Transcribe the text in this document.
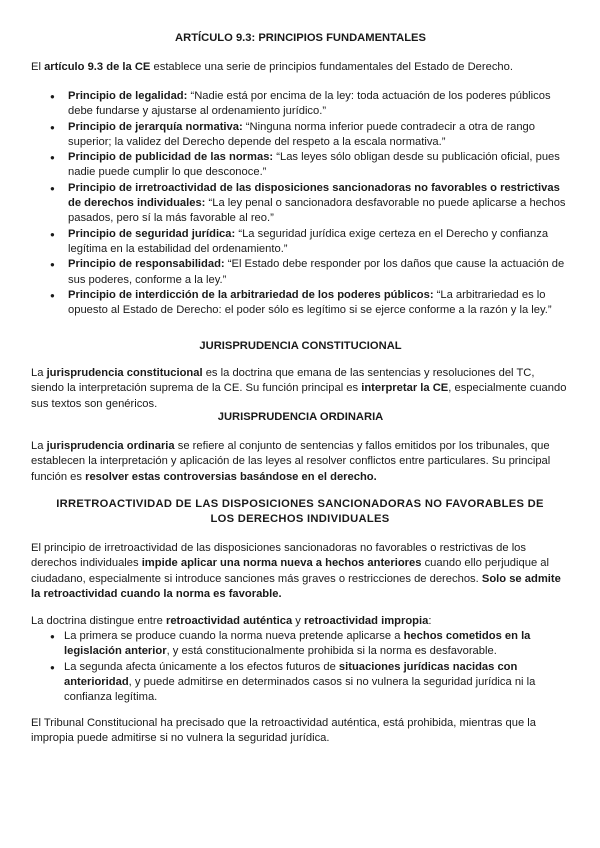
ARTÍCULO 9.3: PRINCIPIOS FUNDAMENTALES

El artículo 9.3 de la CE establece una serie de principios fundamentales del Estado de Derecho.

● Principio de legalidad: “Nadie está por encima de la ley: toda actuación de los poderes públicos debe fundarse y ajustarse al ordenamiento jurídico.”
● Principio de jerarquía normativa: “Ninguna norma inferior puede contradecir a otra de rango superior; la validez del Derecho depende del respeto a la escala normativa.”
● Principio de publicidad de las normas: “Las leyes sólo obligan desde su publicación oficial, pues nadie puede cumplir lo que desconoce.”
● Principio de irretroactividad de las disposiciones sancionadoras no favorables o restrictivas de derechos individuales: “La ley penal o sancionadora desfavorable no puede aplicarse a hechos pasados, pero sí la más favorable al reo.”
● Principio de seguridad jurídica: “La seguridad jurídica exige certeza en el Derecho y confianza legítima en la estabilidad del ordenamiento.”
● Principio de responsabilidad: “El Estado debe responder por los daños que cause la actuación de sus poderes, conforme a la ley.”
● Principio de interdicción de la arbitrariedad de los poderes públicos: “La arbitrariedad es lo opuesto al Estado de Derecho: el poder sólo es legítimo si se ejerce conforme a la razón y la ley.”

JURISPRUDENCIA CONSTITUCIONAL

La jurisprudencia constitucional es la doctrina que emana de las sentencias y resoluciones del TC, siendo la interpretación suprema de la CE. Su función principal es interpretar la CE, especialmente cuando sus textos son genéricos.

JURISPRUDENCIA ORDINARIA

La jurisprudencia ordinaria se refiere al conjunto de sentencias y fallos emitidos por los tribunales, que establecen la interpretación y aplicación de las leyes al resolver conflictos entre particulares. Su principal función es resolver estas controversias basándose en el derecho.

IRRETROACTIVIDAD DE LAS DISPOSICIONES SANCIONADORAS NO FAVORABLES DE LOS DERECHOS INDIVIDUALES

El principio de irretroactividad de las disposiciones sancionadoras no favorables o restrictivas de los derechos individuales impide aplicar una norma nueva a hechos anteriores cuando ello perjudique al ciudadano, especialmente si introduce sanciones más graves o restricciones de derechos. Solo se admite la retroactividad cuando la norma es favorable.

La doctrina distingue entre retroactividad auténtica y retroactividad impropia:

● La primera se produce cuando la norma nueva pretende aplicarse a hechos cometidos en la legislación anterior, y está constitucionalmente prohibida si la norma es desfavorable.
● La segunda afecta únicamente a los efectos futuros de situaciones jurídicas nacidas con anterioridad, y puede admitirse en determinados casos si no vulnera la seguridad jurídica ni la confianza legítima.

El Tribunal Constitucional ha precisado que la retroactividad auténtica, está prohibida, mientras que la impropia puede admitirse si no vulnera la seguridad jurídica.
